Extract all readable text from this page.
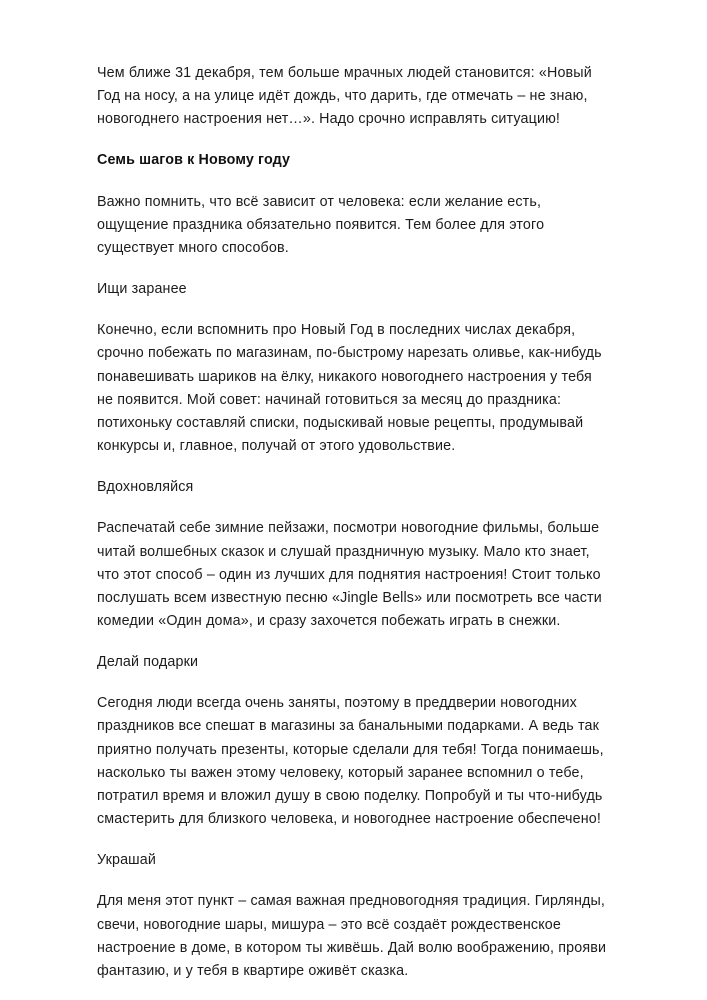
Чем ближе 31 декабря, тем больше мрачных людей становится: «Новый Год на носу, а на улице идёт дождь, что дарить, где отмечать – не знаю, новогоднего настроения нет…». Надо срочно исправлять ситуацию!

Семь шагов к Новому году

Важно помнить, что всё зависит от человека: если желание есть, ощущение праздника обязательно появится. Тем более для этого существует много способов.

Ищи заранее

Конечно, если вспомнить про Новый Год в последних числах декабря, срочно побежать по магазинам, по-быстрому нарезать оливье, как-нибудь понавешивать шариков на ёлку, никакого новогоднего настроения у тебя не появится. Мой совет: начинай готовиться за месяц до праздника: потихоньку составляй списки, подыскивай новые рецепты, продумывай конкурсы и, главное, получай от этого удовольствие.

Вдохновляйся

Распечатай себе зимние пейзажи, посмотри новогодние фильмы, больше читай волшебных сказок и слушай праздничную музыку. Мало кто знает, что этот способ – один из лучших для поднятия настроения! Стоит только послушать всем известную песню «Jingle Bells» или посмотреть все части комедии «Один дома», и сразу захочется побежать играть в снежки.

Делай подарки

Сегодня люди всегда очень заняты, поэтому в преддверии новогодних праздников все спешат в магазины за банальными подарками. А ведь так приятно получать презенты, которые сделали для тебя! Тогда понимаешь, насколько ты важен этому человеку, который заранее вспомнил о тебе, потратил время и вложил душу в свою поделку. Попробуй и ты что-нибудь смастерить для близкого человека, и новогоднее настроение обеспечено!

Украшай

Для меня этот пункт – самая важная предновогодняя традиция. Гирлянды, свечи, новогодние шары, мишура – это всё создаёт рождественское настроение в доме, в котором ты живёшь. Дай волю воображению, прояви фантазию, и у тебя в квартире оживёт сказка.
